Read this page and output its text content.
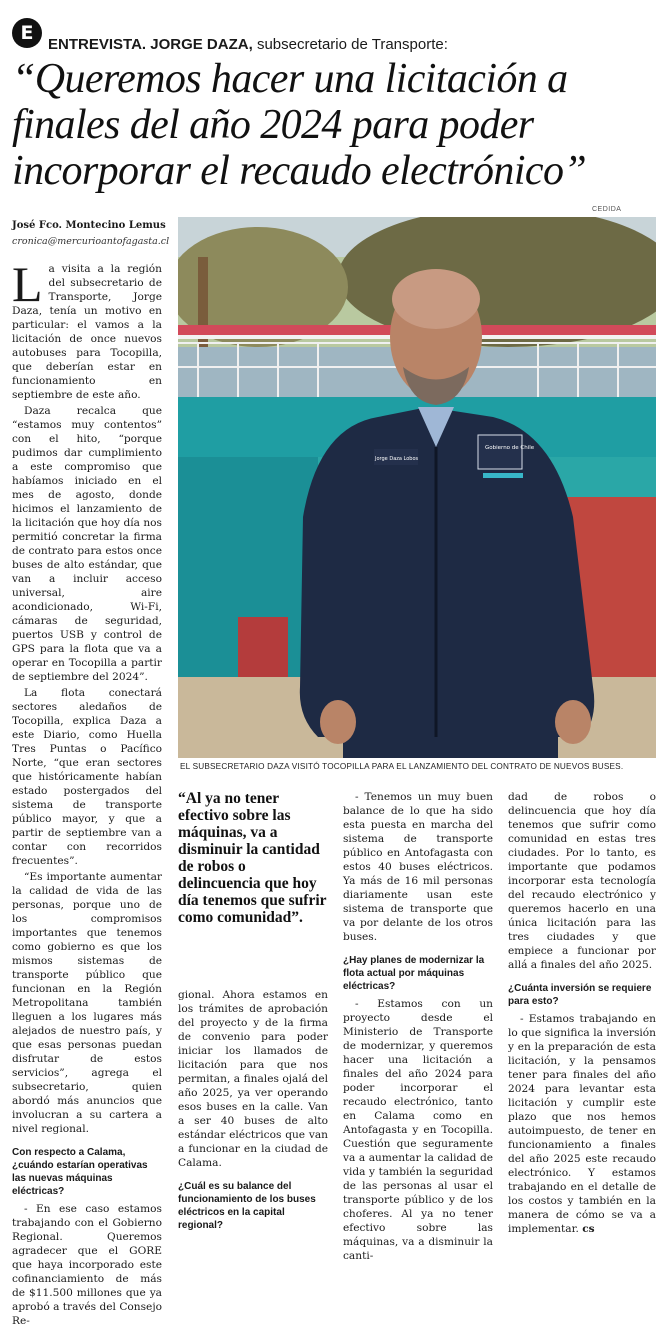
E
ENTREVISTA. JORGE DAZA, subsecretario de Transporte:
“Queremos hacer una licitación a finales del año 2024 para poder incorporar el recaudo electrónico”
CEDIDA
José Fco. Montecino Lemus
cronica@mercurioantofagasta.cl
Gobierno de Chile
Jorge Daza Lobos
EL SUBSECRETARIO DAZA VISITÓ TOCOPILLA PARA EL LANZAMIENTO DEL CONTRATO DE NUEVOS BUSES.

La visita a la región del subsecretario de Transporte, Jorge Daza, tenía un motivo en particular: el vamos a la licitación de once nuevos autobuses para Tocopilla, que deberían estar en funcionamiento en septiembre de este año.

Daza recalca que “estamos muy contentos” con el hito, “porque pudimos dar cumplimiento a este compromiso que habíamos iniciado en el mes de agosto, donde hicimos el lanzamiento de la licitación que hoy día nos permitió concretar la firma de contrato para estos once buses de alto estándar, que van a incluir acceso universal, aire acondicionado, Wi-Fi, cámaras de seguridad, puertos USB y control de GPS para la flota que va a operar en Tocopilla a partir de septiembre del 2024”.

La flota conectará sectores aledaños de Tocopilla, explica Daza a este Diario, como Huella Tres Puntas o Pacífico Norte, “que eran sectores que históricamente habían estado postergados del sistema de transporte público mayor, y que a partir de septiembre van a contar con recorridos frecuentes”.

“Es importante aumentar la calidad de vida de las personas, porque uno de los compromisos importantes que tenemos como gobierno es que los mismos sistemas de transporte público que funcionan en la Región Metropolitana también lleguen a los lugares más alejados de nuestro país, y que esas personas puedan disfrutar de estos servicios”, agrega el subsecretario, quien abordó más anuncios que involucran a su cartera a nivel regional.

Con respecto a Calama, ¿cuándo estarían operativas las nuevas máquinas eléctricas?

- En ese caso estamos trabajando con el Gobierno Regional. Queremos agradecer que el GORE que haya incorporado este cofinanciamiento de más de $11.500 millones que ya aprobó a través del Consejo Re-

“Al ya no tener efectivo sobre las máquinas, va a disminuir la cantidad de robos o delincuencia que hoy día tenemos que sufrir como comunidad”.

gional. Ahora estamos en los trámites de aprobación del proyecto y de la firma de convenio para poder iniciar los llamados de licitación para que nos permitan, a finales ojalá del año 2025, ya ver operando esos buses en la calle. Van a ser 40 buses de alto estándar eléctricos que van a funcionar en la ciudad de Calama.

¿Cuál es su balance del funcionamiento de los buses eléctricos en la capital regional?

- Tenemos un muy buen balance de lo que ha sido esta puesta en marcha del sistema de transporte público en Antofagasta con estos 40 buses eléctricos. Ya más de 16 mil personas diariamente usan este sistema de transporte que va por delante de los otros buses.

¿Hay planes de modernizar la flota actual por máquinas eléctricas?

- Estamos con un proyecto desde el Ministerio de Transporte de modernizar, y queremos hacer una licitación a finales del año 2024 para poder incorporar el recaudo electrónico, tanto en Calama como en Antofagasta y en Tocopilla. Cuestión que seguramente va a aumentar la calidad de vida y también la seguridad de las personas al usar el transporte público y de los choferes. Al ya no tener efectivo sobre las máquinas, va a disminuir la canti-

dad de robos o delincuencia que hoy día tenemos que sufrir como comunidad en estas tres ciudades. Por lo tanto, es importante que podamos incorporar esta tecnología del recaudo electrónico y queremos hacerlo en una única licitación para las tres ciudades y que empiece a funcionar por allá a finales del año 2025.

¿Cuánta inversión se requiere para esto?

- Estamos trabajando en lo que significa la inversión y en la preparación de esta licitación, y la pensamos tener para finales del año 2024 para levantar esta licitación y cumplir este plazo que nos hemos autoimpuesto, de tener en funcionamiento a finales del año 2025 este recaudo electrónico. Y estamos trabajando en el detalle de los costos y también en la manera de cómo se va a implementar. cs
